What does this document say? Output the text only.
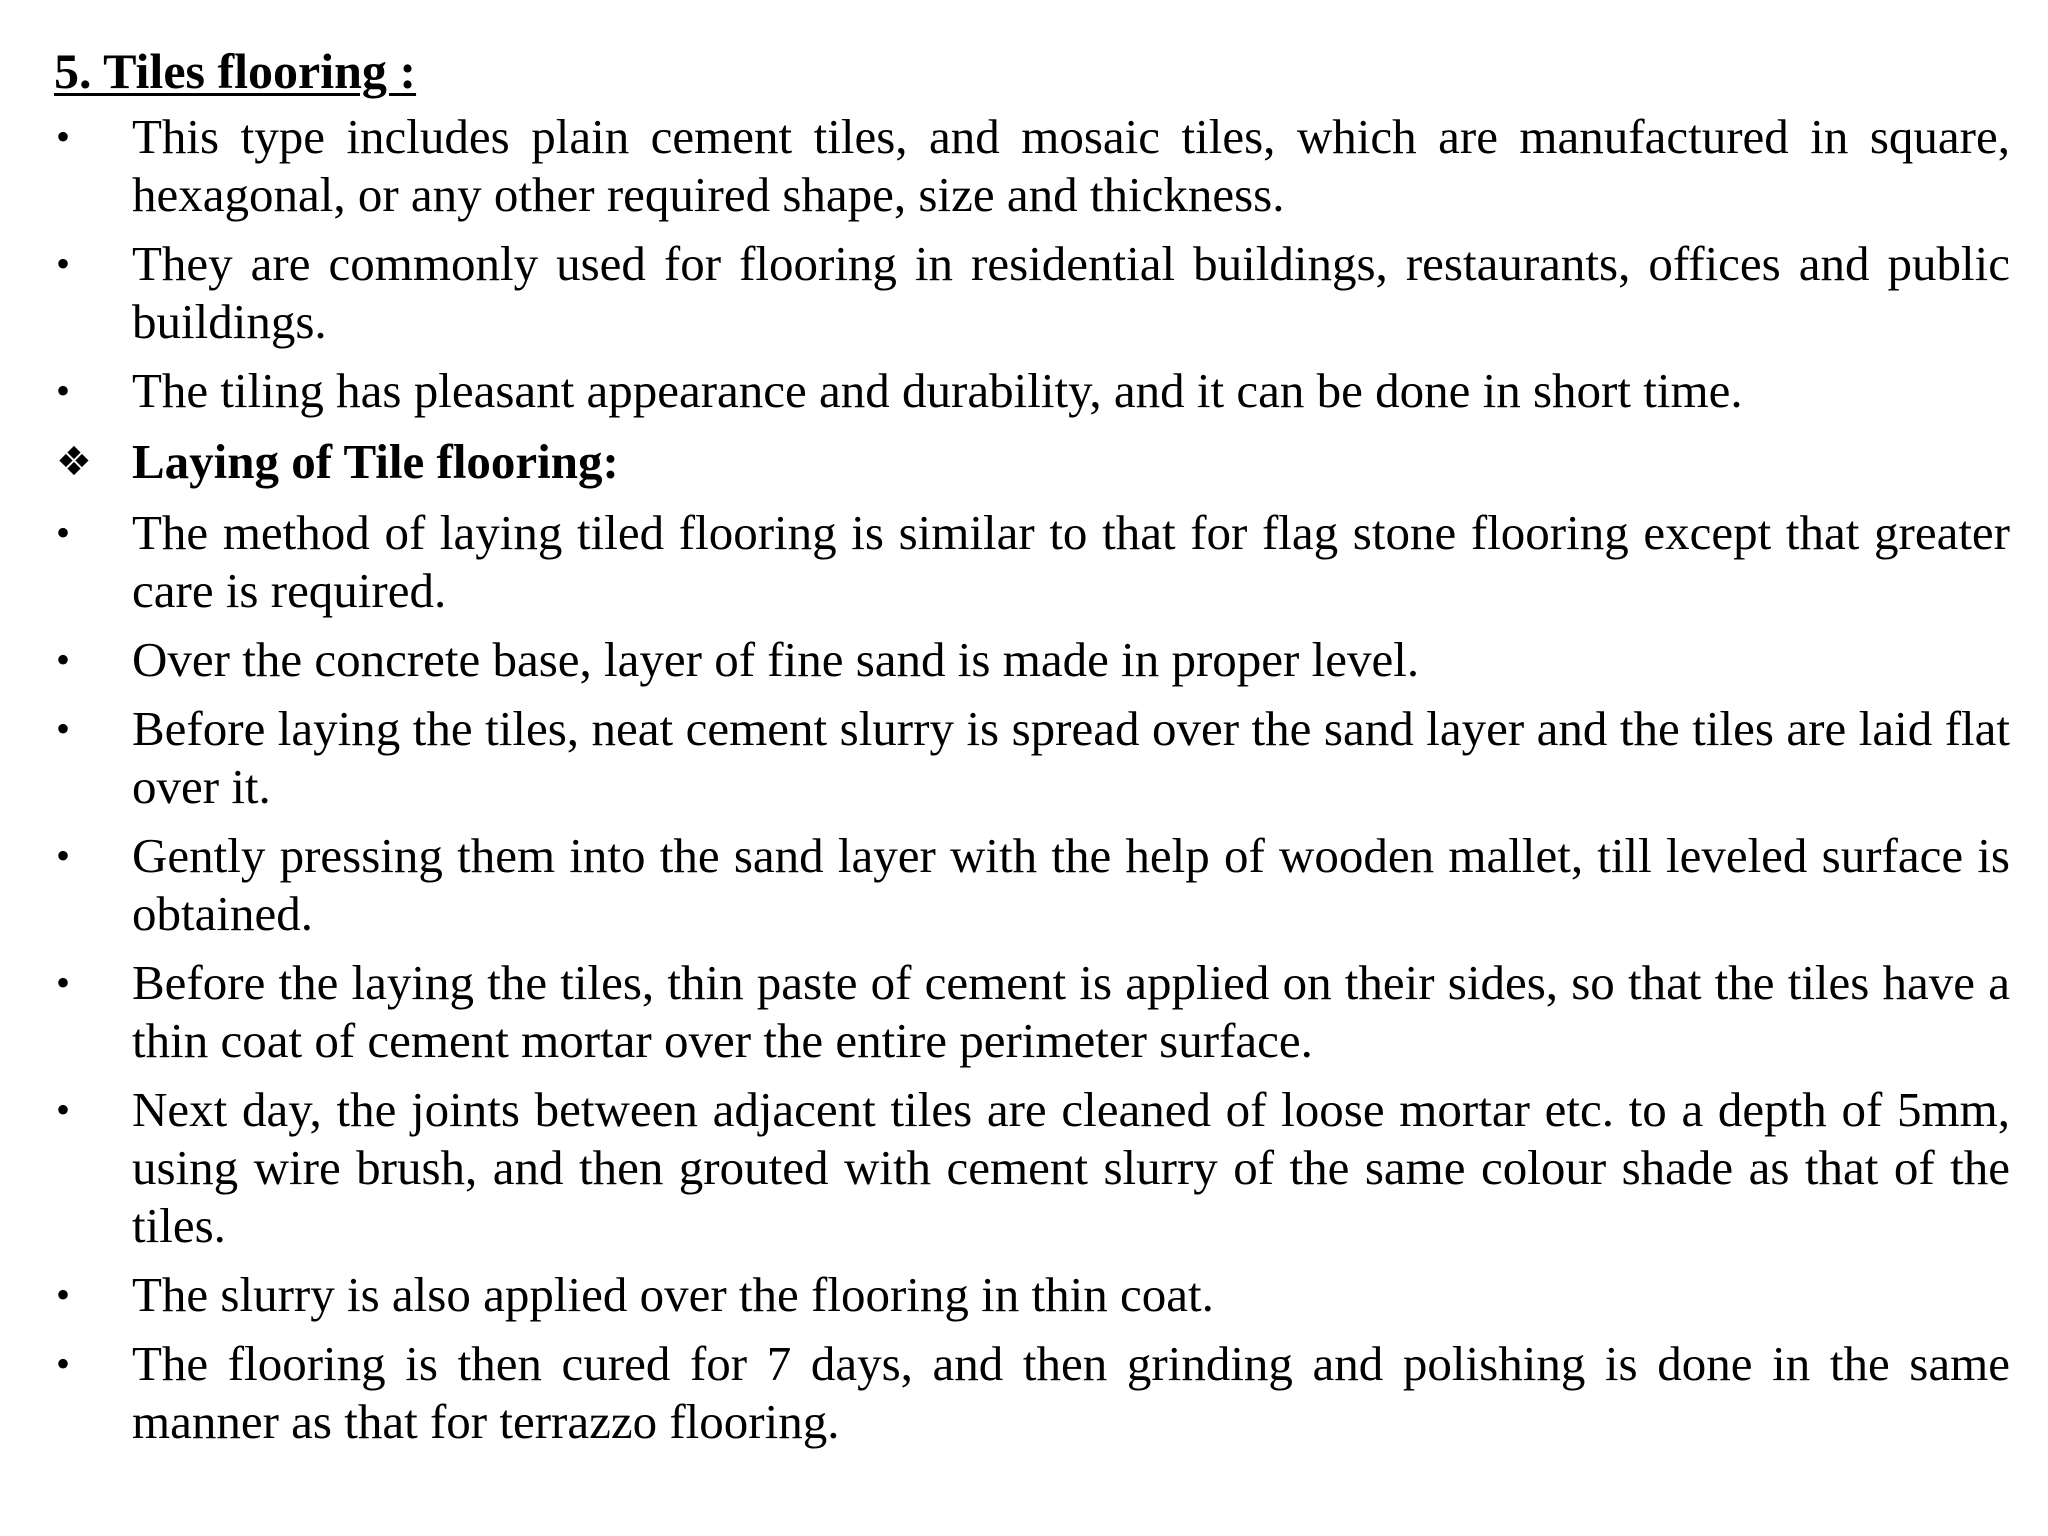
5. Tiles flooring :
•	This type includes plain cement tiles, and mosaic tiles, which are manufactured in square, hexagonal, or any other required shape, size and thickness.
•	They are commonly used for flooring in residential buildings, restaurants, offices and public buildings.
•	The tiling has pleasant appearance and durability, and it can be done in short time.
❖ Laying of Tile flooring:
•	The method of laying tiled flooring is similar to that for flag stone flooring except that greater care is required.
•	Over the concrete base, layer of fine sand is made in proper level.
•	Before laying the tiles, neat cement slurry is spread over the sand layer and the tiles are laid flat over it.
•	Gently pressing them into the sand layer with the help of wooden mallet, till leveled surface is obtained.
•	Before the laying the tiles, thin paste of cement is applied on their sides, so that the tiles have a thin coat of cement mortar over the entire perimeter surface.
•	Next day, the joints between adjacent tiles are cleaned of loose mortar etc. to a depth of 5mm, using wire brush, and then grouted with cement slurry of the same colour shade as that of the tiles.
•	The slurry is also applied over the flooring in thin coat.
•	The flooring is then cured for 7 days, and then grinding and polishing is done in the same manner as that for terrazzo flooring.
